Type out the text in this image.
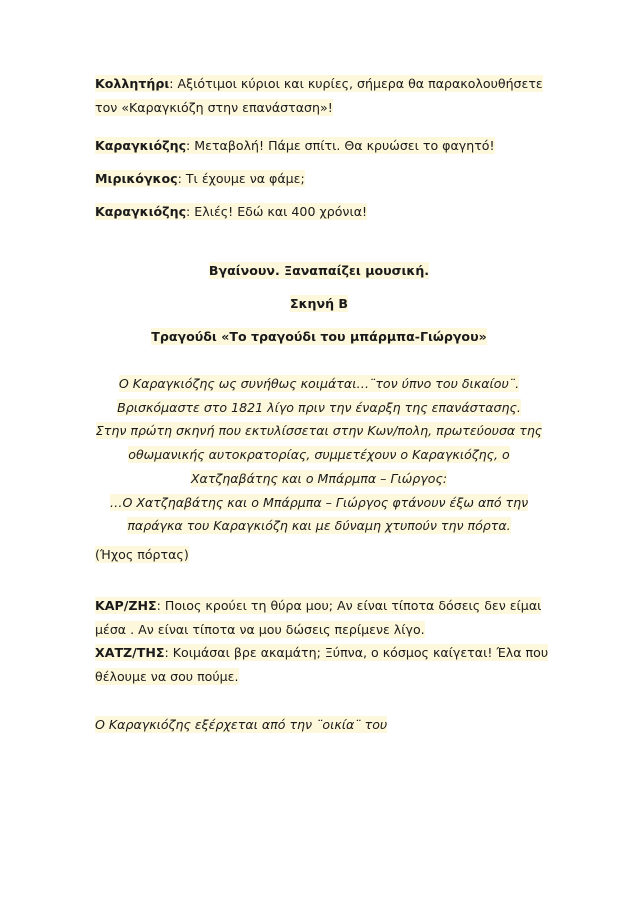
Κολλητήρι: Αξιότιμοι κύριοι και κυρίες, σήμερα θα παρακολουθήσετε τον «Καραγκιόζη στην επανάσταση»!
Καραγκιόζης: Μεταβολή! Πάμε σπίτι. Θα κρυώσει το φαγητό!
Μιρικόγκος: Τι έχουμε να φάμε;
Καραγκιόζης: Ελιές! Εδώ και 400 χρόνια!
Βγαίνουν. Ξαναπαίζει μουσική.
Σκηνή Β
Τραγούδι «Το τραγούδι του μπάρμπα-Γιώργου»
Ο Καραγκιόζης ως συνήθως κοιμάται…¨τον ύπνο του δικαίου¨.
Βρισκόμαστε στο 1821 λίγο πριν την έναρξη της επανάστασης.
Στην πρώτη σκηνή που εκτυλίσσεται στην Κων/πολη, πρωτεύουσα της
οθωμανικής αυτοκρατορίας, συμμετέχουν ο Καραγκιόζης, ο
Χατζηαβάτης και ο Μπάρμπα – Γιώργος:
…Ο Χατζηαβάτης και ο Μπάρμπα – Γιώργος φτάνουν έξω από την
παράγκα του Καραγκιόζη και με δύναμη χτυπούν την πόρτα.
(Ήχος πόρτας)
ΚΑΡ/ΖΗΣ: Ποιος κρούει τη θύρα μου; Αν είναι τίποτα δόσεις δεν είμαι μέσα . Αν είναι τίποτα να μου δώσεις περίμενε λίγο.
ΧΑΤΖ/ΤΗΣ: Κοιμάσαι βρε ακαμάτη; Ξύπνα, ο κόσμος καίγεται! Έλα που θέλουμε να σου πούμε.
Ο Καραγκιόζης εξέρχεται από την ¨οικία¨ του
